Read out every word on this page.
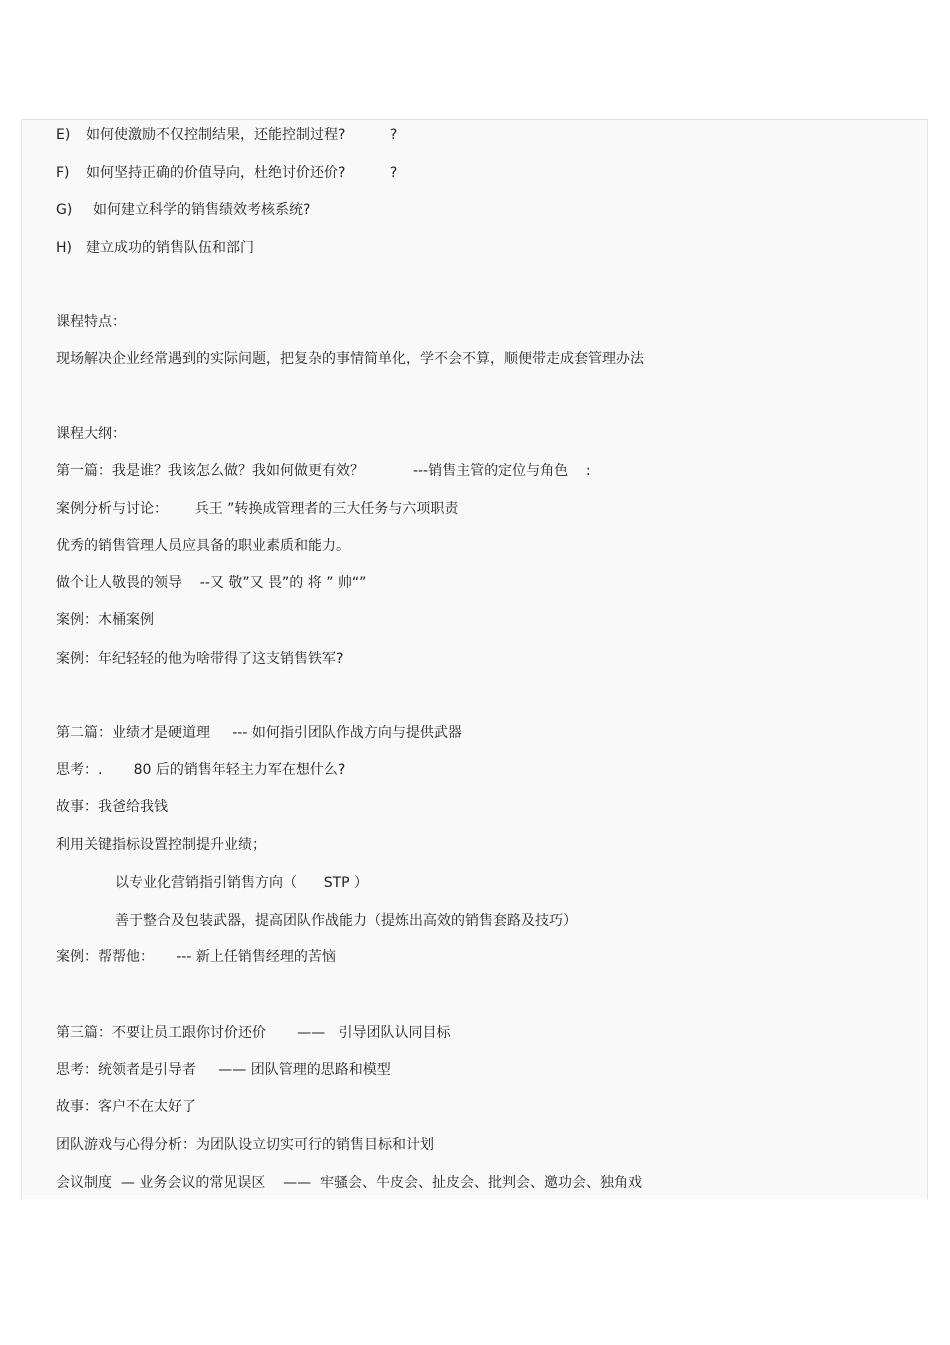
E) 如何使激励不仅控制结果，还能控制过程?          ?
F) 如何坚持正确的价值导向，杜绝讨价还价?          ?
G) 如何建立科学的销售绩效考核系统?
H) 建立成功的销售队伍和部门
课程特点：
现场解决企业经常遇到的实际问题，把复杂的事情简单化，学不会不算，顺便带走成套管理办法
课程大纲：
第一篇：我是谁？我该怎么做？我如何做更有效？           ---销售主管的定位与角色    :
案例分析与讨论：      兵王 ”转换成管理者的三大任务与六项职责
优秀的销售管理人员应具备的职业素质和能力。
做个让人敬畏的领导    --又 敬”又 畏”的 将 ” 帅“”
案例：木桶案例
案例：年纪轻轻的他为啥带得了这支销售铁军?
第二篇：业绩才是硬道理     --- 如何指引团队作战方向与提供武器
思考：.       80 后的销售年轻主力军在想什么?
故事：我爸给我钱
利用关键指标设置控制提升业绩；
以专业化营销指引销售方向（      STP ）
善于整合及包装武器，提高团队作战能力（提炼出高效的销售套路及技巧）
案例：帮帮他：     --- 新上任销售经理的苦恼
第三篇：不要让员工跟你讨价还价       ——   引导团队认同目标
思考：统领者是引导者     —— 团队管理的思路和模型
故事：客户不在太好了
团队游戏与心得分析：为团队设立切实可行的销售目标和计划
会议制度  — 业务会议的常见误区    ——  牢骚会、牛皮会、扯皮会、批判会、邀功会、独角戏
